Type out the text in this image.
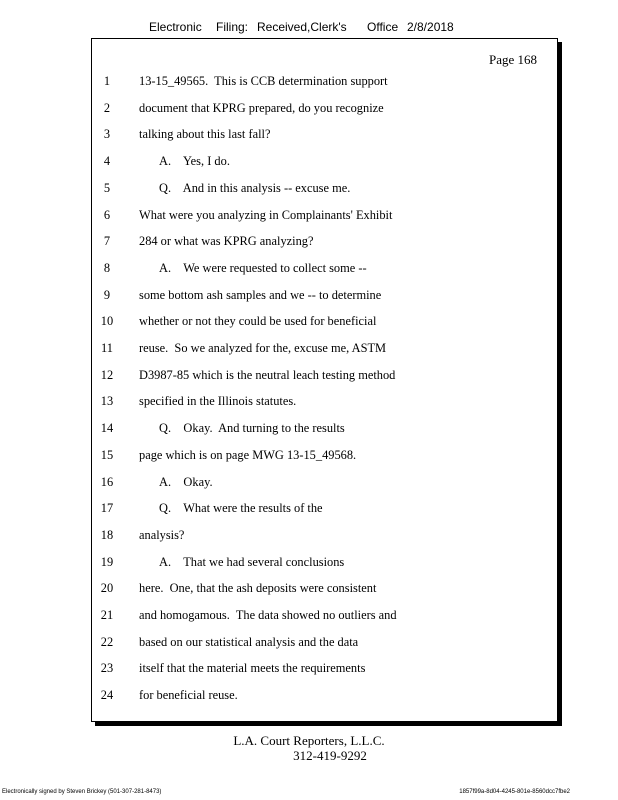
Electronic Filing: Received,Clerk's Office 2/8/2018
Page 168
1	13-15_49565.  This is CCB determination support
2	document that KPRG prepared, do you recognize
3	talking about this last fall?
4	A.    Yes, I do.
5	Q.    And in this analysis -- excuse me.
6	What were you analyzing in Complainants' Exhibit
7	284 or what was KPRG analyzing?
8	A.    We were requested to collect some --
9	some bottom ash samples and we -- to determine
10	whether or not they could be used for beneficial
11	reuse.  So we analyzed for the, excuse me, ASTM
12	D3987-85 which is the neutral leach testing method
13	specified in the Illinois statutes.
14	Q.    Okay.  And turning to the results
15	page which is on page MWG 13-15_49568.
16	A.    Okay.
17	Q.    What were the results of the
18	analysis?
19	A.    That we had several conclusions
20	here.  One, that the ash deposits were consistent
21	and homogamous.  The data showed no outliers and
22	based on our statistical analysis and the data
23	itself that the material meets the requirements
24	for beneficial reuse.
L.A. Court Reporters, L.L.C.
312-419-9292
Electronically signed by Steven Brickey (501-307-281-8473)	1857f99a-8d04-4245-801e-8560dcc7fbe2
